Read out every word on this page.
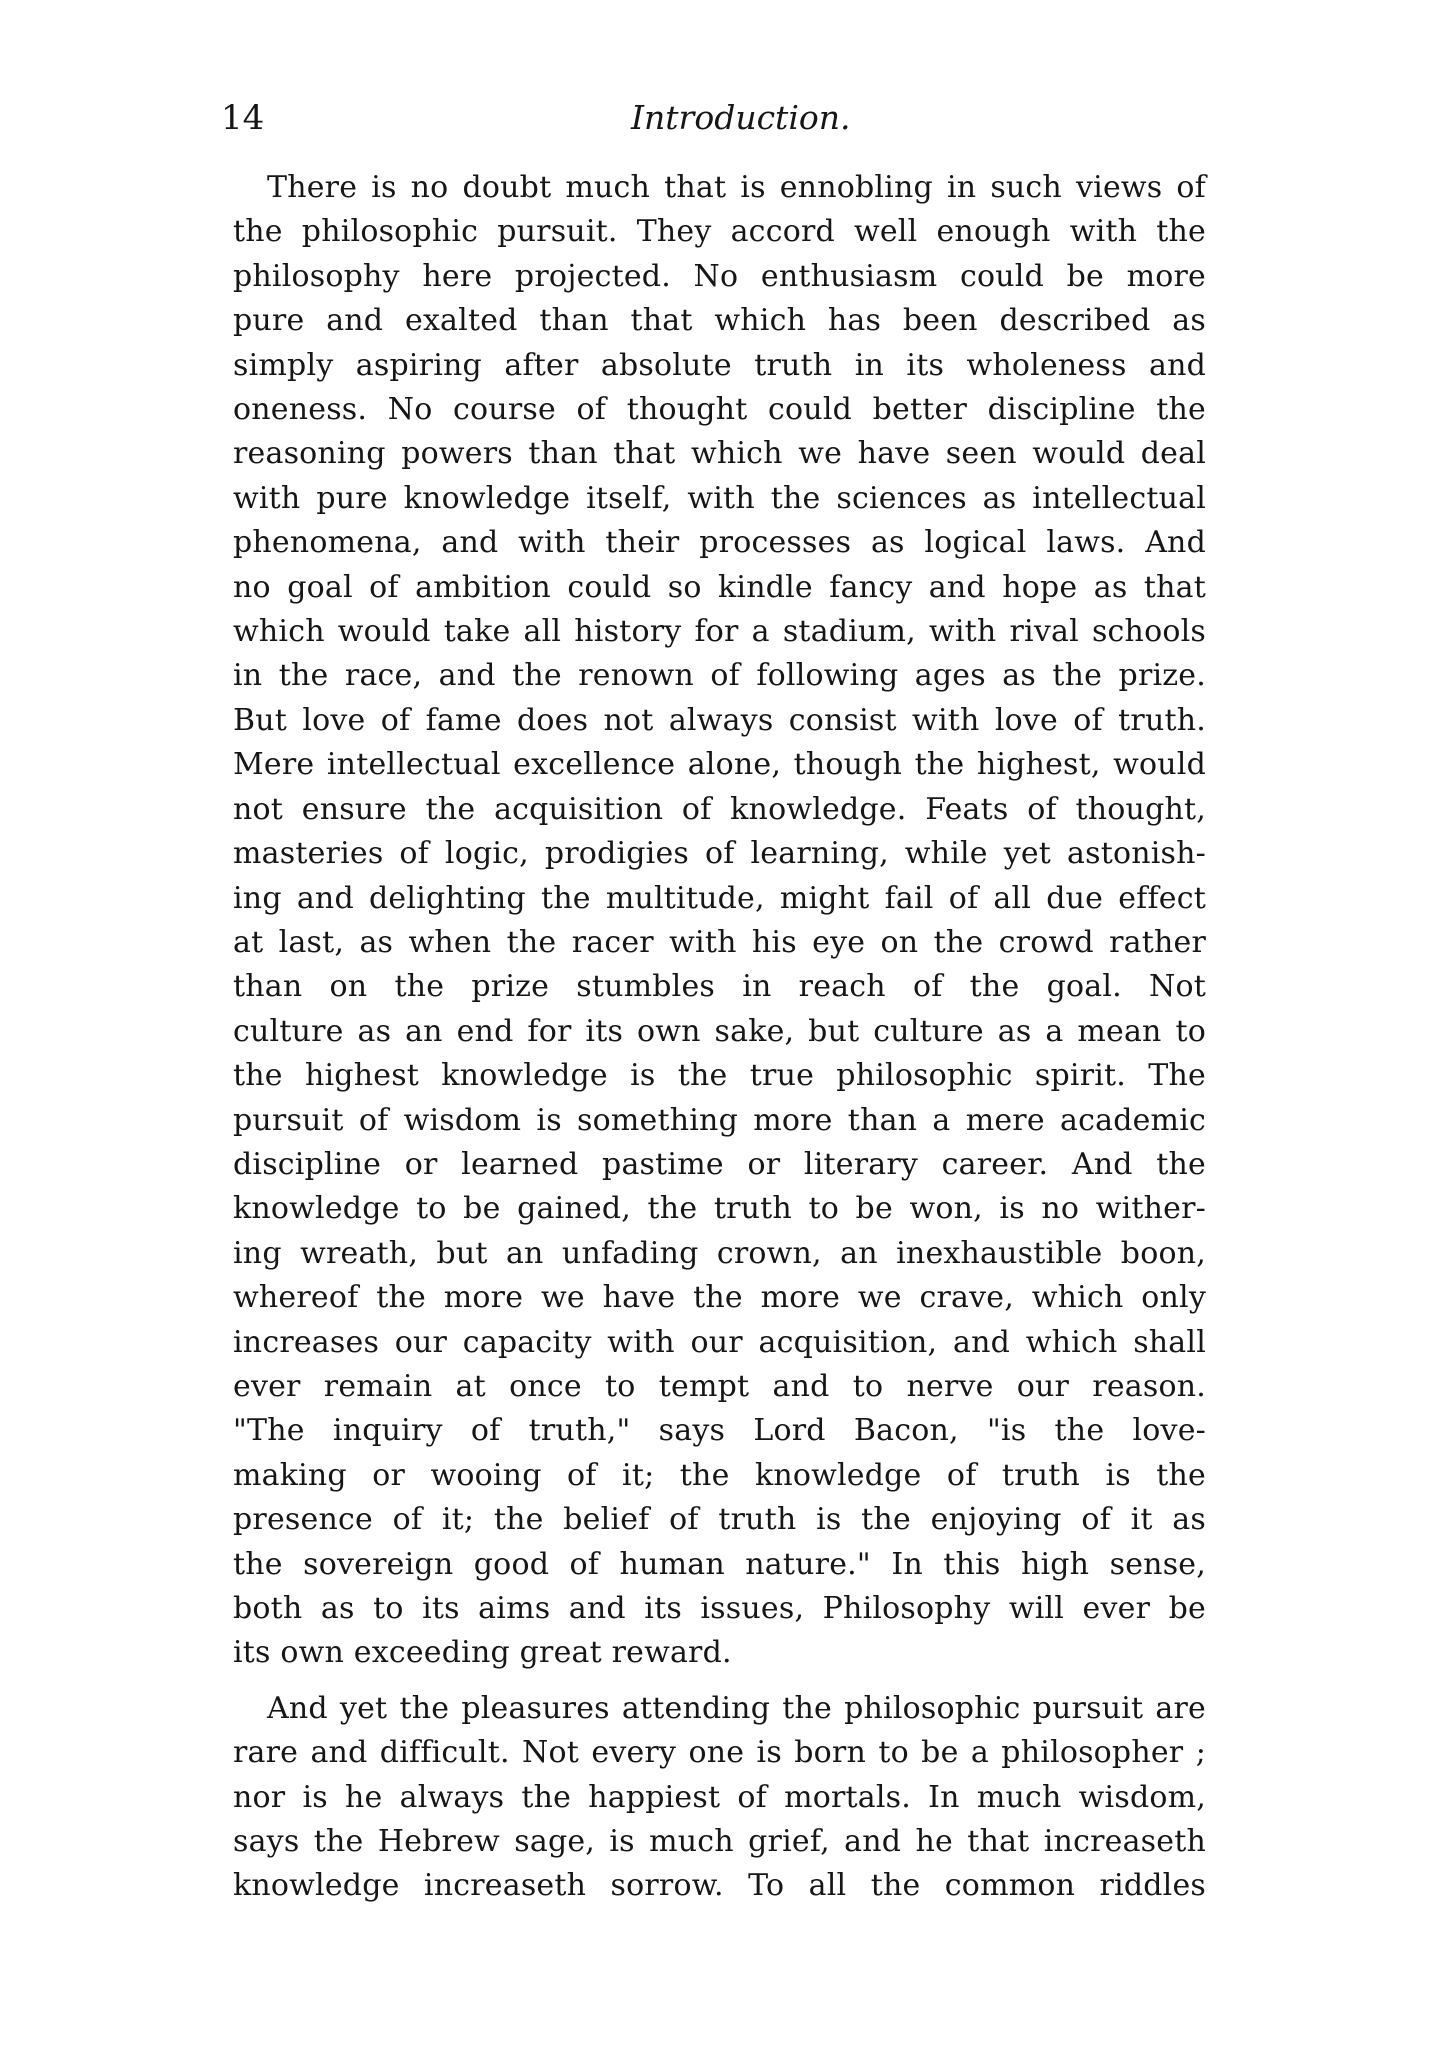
14	Introduction.

There is no doubt much that is ennobling in such views of
the philosophic pursuit. They accord well enough with the
philosophy here projected. No enthusiasm could be more
pure and exalted than that which has been described as
simply aspiring after absolute truth in its wholeness and
oneness. No course of thought could better discipline the
reasoning powers than that which we have seen would deal
with pure knowledge itself, with the sciences as intellectual
phenomena, and with their processes as logical laws. And
no goal of ambition could so kindle fancy and hope as that
which would take all history for a stadium, with rival schools
in the race, and the renown of following ages as the prize.
But love of fame does not always consist with love of truth.
Mere intellectual excellence alone, though the highest, would
not ensure the acquisition of knowledge. Feats of thought,
masteries of logic, prodigies of learning, while yet astonish-
ing and delighting the multitude, might fail of all due effect
at last, as when the racer with his eye on the crowd rather
than on the prize stumbles in reach of the goal. Not
culture as an end for its own sake, but culture as a mean to
the highest knowledge is the true philosophic spirit. The
pursuit of wisdom is something more than a mere academic
discipline or learned pastime or literary career. And the
knowledge to be gained, the truth to be won, is no wither-
ing wreath, but an unfading crown, an inexhaustible boon,
whereof the more we have the more we crave, which only
increases our capacity with our acquisition, and which shall
ever remain at once to tempt and to nerve our reason.
"The inquiry of truth," says Lord Bacon, "is the love-
making or wooing of it; the knowledge of truth is the
presence of it; the belief of truth is the enjoying of it as
the sovereign good of human nature." In this high sense,
both as to its aims and its issues, Philosophy will ever be
its own exceeding great reward.

And yet the pleasures attending the philosophic pursuit are
rare and difficult. Not every one is born to be a philosopher ;
nor is he always the happiest of mortals. In much wisdom,
says the Hebrew sage, is much grief, and he that increaseth
knowledge increaseth sorrow. To all the common riddles
